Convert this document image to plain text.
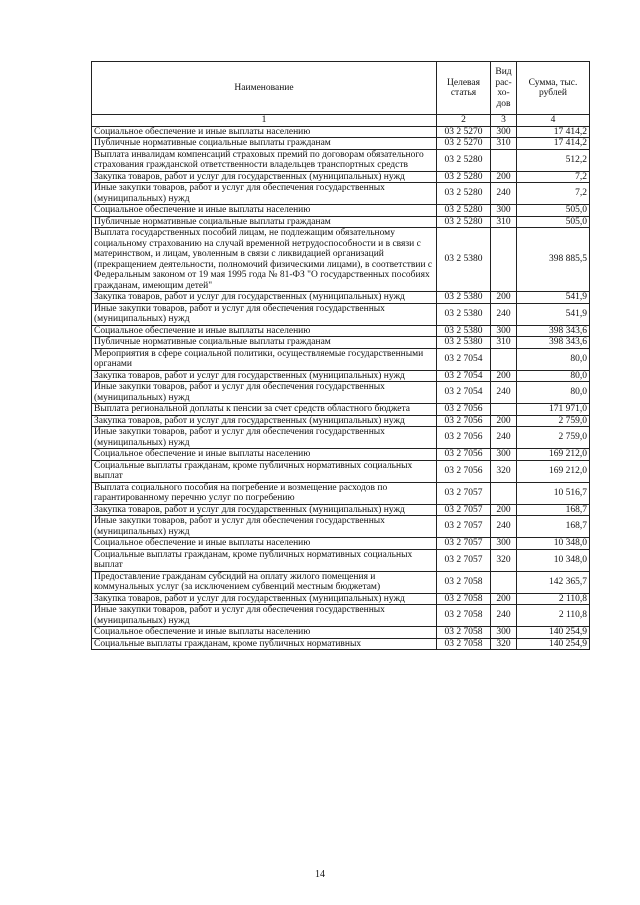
Наименование	Целевая статья	Вид рас-хо-дов	Сумма, тыс. рублей
1	2	3	4
Социальное обеспечение и иные выплаты населению	03 2 5270	300	17 414,2
Публичные нормативные социальные выплаты гражданам	03 2 5270	310	17 414,2
Выплата инвалидам компенсаций страховых премий по договорам обязательного страхования гражданской ответственности владельцев транспортных средств	03 2 5280		512,2
Закупка товаров, работ и услуг для государственных (муниципальных) нужд	03 2 5280	200	7,2
Иные закупки товаров, работ и услуг для обеспечения государственных (муниципальных) нужд	03 2 5280	240	7,2
Социальное обеспечение и иные выплаты населению	03 2 5280	300	505,0
Публичные нормативные социальные выплаты гражданам	03 2 5280	310	505,0
Выплата государственных пособий лицам, не подлежащим обязательному социальному страхованию на случай временной нетрудоспособности и в связи с материнством, и лицам, уволенным в связи с ликвидацией организаций (прекращением деятельности, полномочий физическими лицами), в соответствии с Федеральным законом от 19 мая 1995 года № 81-ФЗ "О государственных пособиях гражданам, имеющим детей"	03 2 5380		398 885,5
Закупка товаров, работ и услуг для государственных (муниципальных) нужд	03 2 5380	200	541,9
Иные закупки товаров, работ и услуг для обеспечения государственных (муниципальных) нужд	03 2 5380	240	541,9
Социальное обеспечение и иные выплаты населению	03 2 5380	300	398 343,6
Публичные нормативные социальные выплаты гражданам	03 2 5380	310	398 343,6
Мероприятия в сфере социальной политики, осуществляемые государственными органами	03 2 7054		80,0
Закупка товаров, работ и услуг для государственных (муниципальных) нужд	03 2 7054	200	80,0
Иные закупки товаров, работ и услуг для обеспечения государственных (муниципальных) нужд	03 2 7054	240	80,0
Выплата региональной доплаты к пенсии за счет средств областного бюджета	03 2 7056		171 971,0
Закупка товаров, работ и услуг для государственных (муниципальных) нужд	03 2 7056	200	2 759,0
Иные закупки товаров, работ и услуг для обеспечения государственных (муниципальных) нужд	03 2 7056	240	2 759,0
Социальное обеспечение и иные выплаты населению	03 2 7056	300	169 212,0
Социальные выплаты гражданам, кроме публичных нормативных социальных выплат	03 2 7056	320	169 212,0
Выплата социального пособия на погребение и возмещение расходов по гарантированному перечню услуг по погребению	03 2 7057		10 516,7
Закупка товаров, работ и услуг для государственных (муниципальных) нужд	03 2 7057	200	168,7
Иные закупки товаров, работ и услуг для обеспечения государственных (муниципальных) нужд	03 2 7057	240	168,7
Социальное обеспечение и иные выплаты населению	03 2 7057	300	10 348,0
Социальные выплаты гражданам, кроме публичных нормативных социальных выплат	03 2 7057	320	10 348,0
Предоставление гражданам субсидий на оплату жилого помещения и коммунальных услуг (за исключением субвенций местным бюджетам)	03 2 7058		142 365,7
Закупка товаров, работ и услуг для государственных (муниципальных) нужд	03 2 7058	200	2 110,8
Иные закупки товаров, работ и услуг для обеспечения государственных (муниципальных) нужд	03 2 7058	240	2 110,8
Социальное обеспечение и иные выплаты населению	03 2 7058	300	140 254,9
Социальные выплаты гражданам, кроме публичных нормативных	03 2 7058	320	140 254,9
14
